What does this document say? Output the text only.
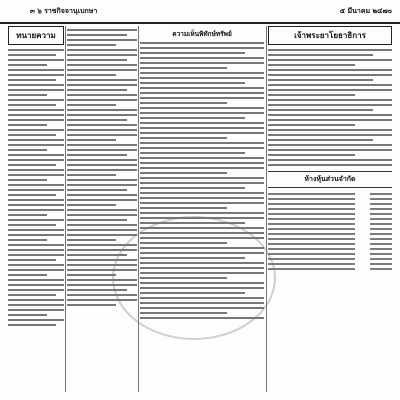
๓ ๖ ราชกิจจานุเบกษา	๕ มีนาคม ๒๔๗๐
ทนายความ	ความเห็นพิทักษ์ทรัพย์	เจ้าพระยาโยธาธิการ
ห้างหุ้นส่วนจำกัด
